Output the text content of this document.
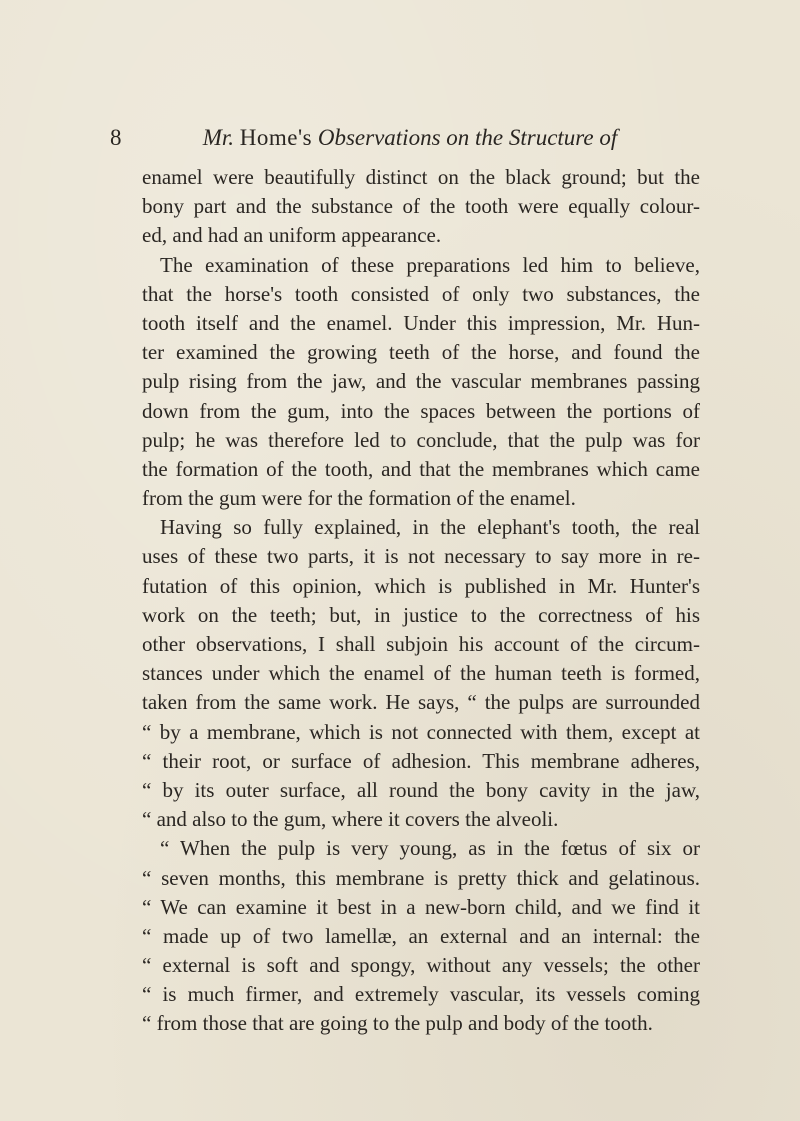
8	Mr. Home's Observations on the Structure of
enamel were beautifully distinct on the black ground; but the
bony part and the substance of the tooth were equally colour-
ed, and had an uniform appearance.
The examination of these preparations led him to believe,
that the horse's tooth consisted of only two substances, the
tooth itself and the enamel. Under this impression, Mr. Hun-
ter examined the growing teeth of the horse, and found the
pulp rising from the jaw, and the vascular membranes passing
down from the gum, into the spaces between the portions of
pulp; he was therefore led to conclude, that the pulp was for
the formation of the tooth, and that the membranes which came
from the gum were for the formation of the enamel.
Having so fully explained, in the elephant's tooth, the real
uses of these two parts, it is not necessary to say more in re-
futation of this opinion, which is published in Mr. Hunter's
work on the teeth; but, in justice to the correctness of his
other observations, I shall subjoin his account of the circum-
stances under which the enamel of the human teeth is formed,
taken from the same work. He says, “ the pulps are surrounded
“ by a membrane, which is not connected with them, except at
“ their root, or surface of adhesion. This membrane adheres,
“ by its outer surface, all round the bony cavity in the jaw,
“ and also to the gum, where it covers the alveoli.
“ When the pulp is very young, as in the fœtus of six or
“ seven months, this membrane is pretty thick and gelatinous.
“ We can examine it best in a new-born child, and we find it
“ made up of two lamellæ, an external and an internal: the
“ external is soft and spongy, without any vessels; the other
“ is much firmer, and extremely vascular, its vessels coming
“ from those that are going to the pulp and body of the tooth.
